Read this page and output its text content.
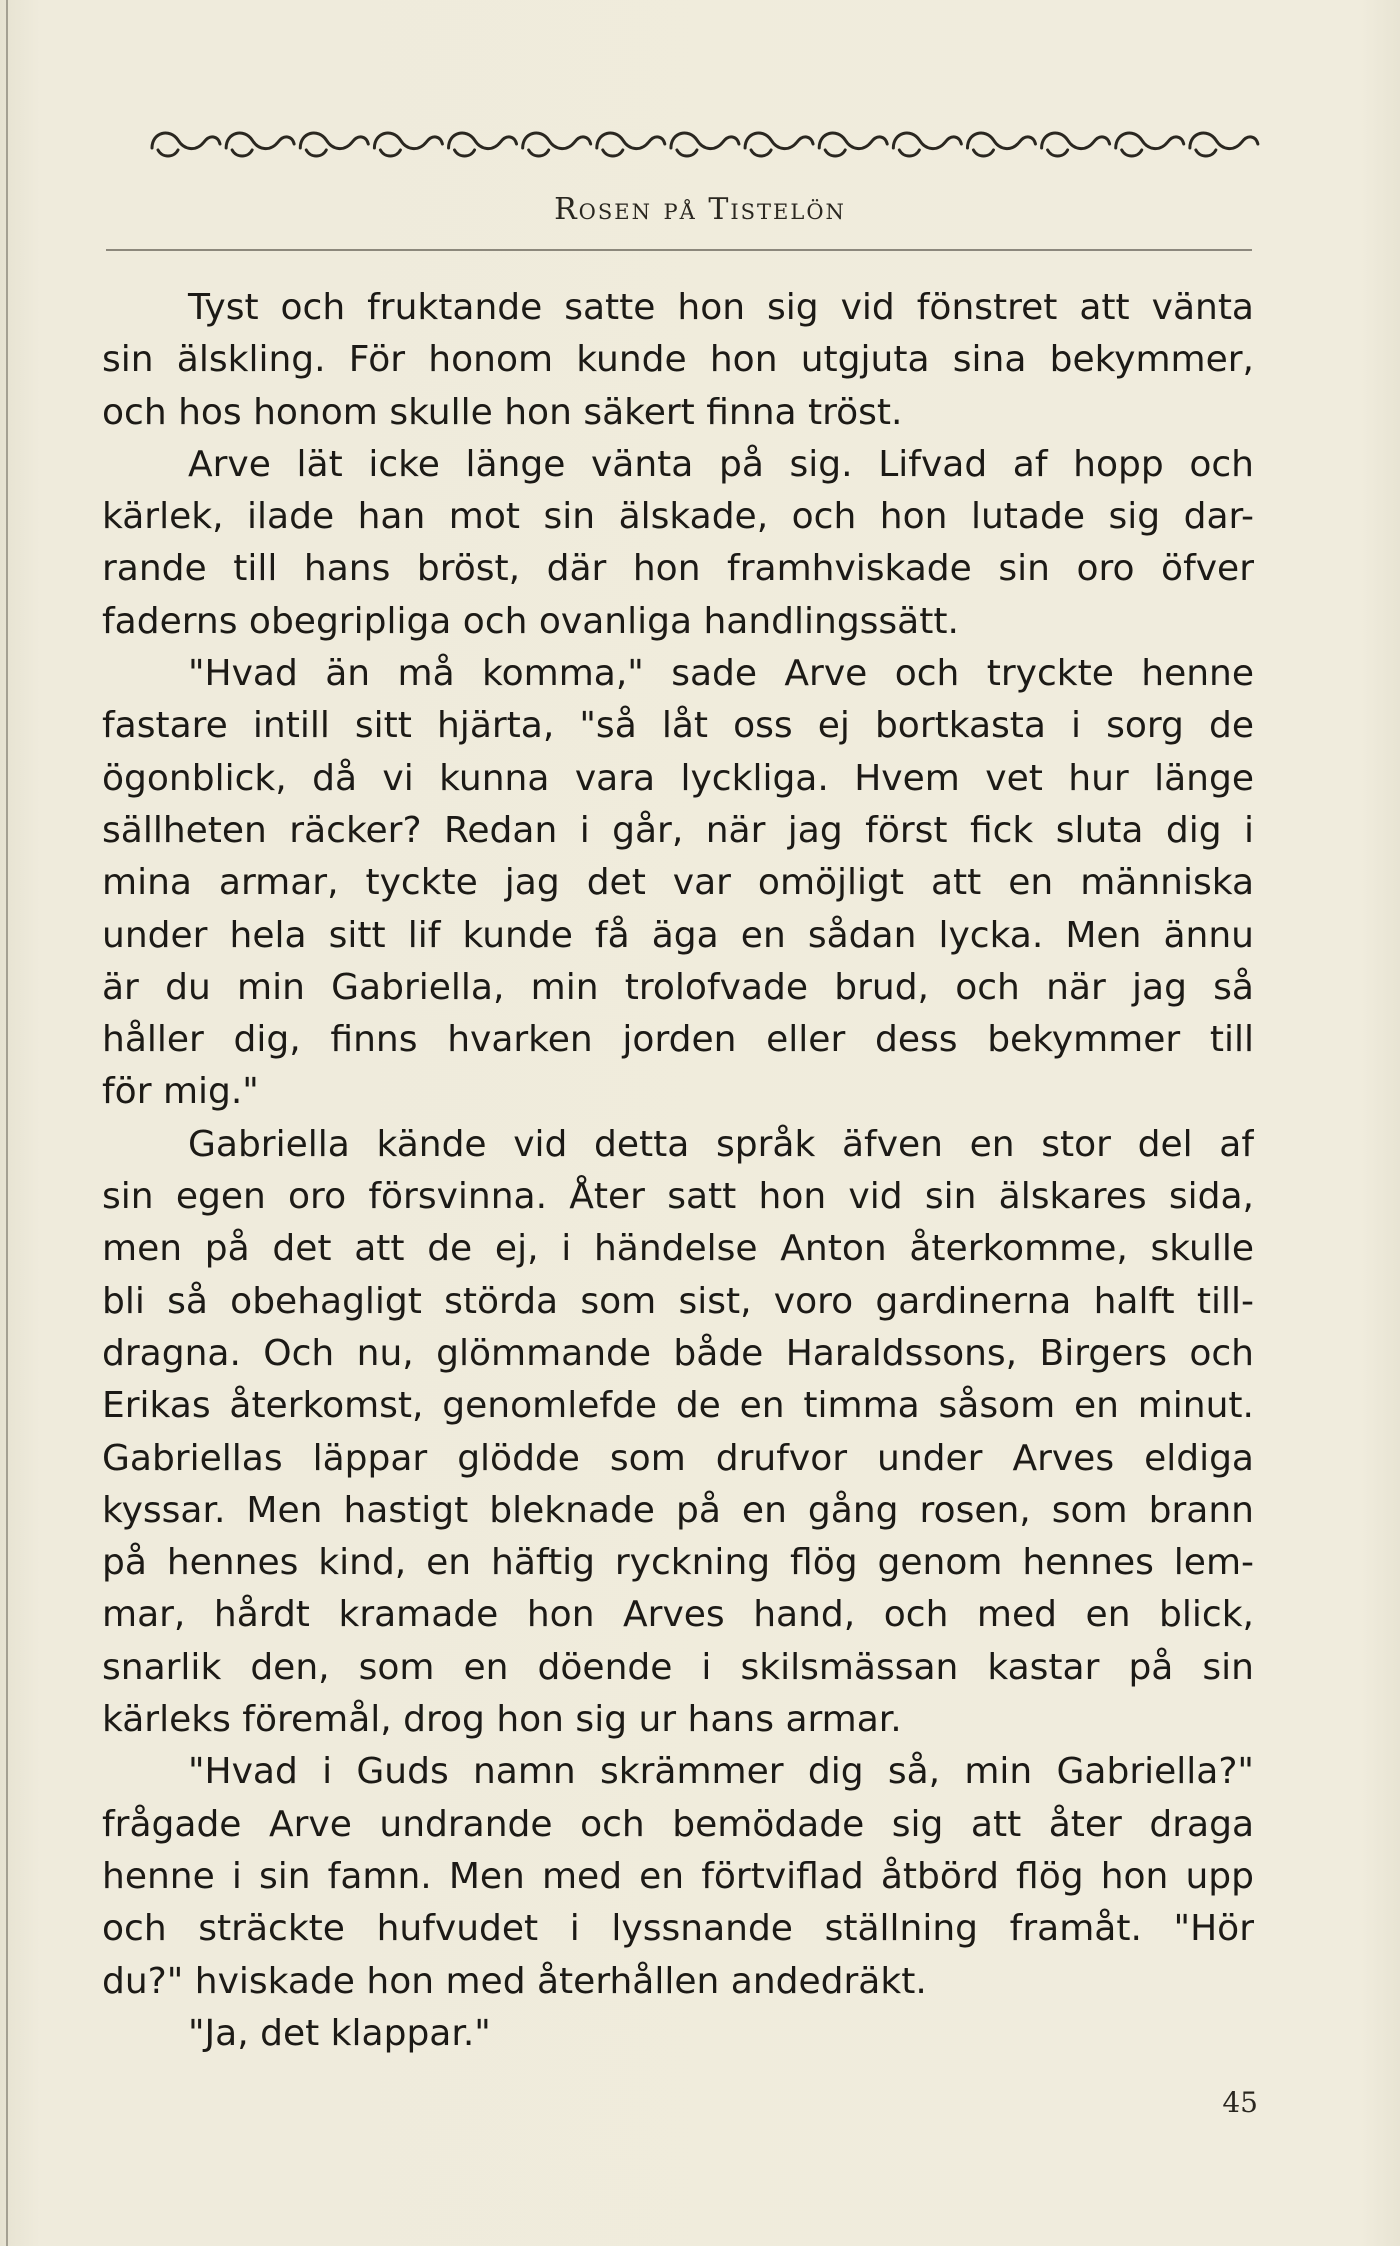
Rosen på Tistelön
Tyst och fruktande satte hon sig vid fönstret att vänta
sin älskling. För honom kunde hon utgjuta sina bekymmer,
och hos honom skulle hon säkert finna tröst.
Arve lät icke länge vänta på sig. Lifvad af hopp och
kärlek, ilade han mot sin älskade, och hon lutade sig dar-
rande till hans bröst, där hon framhviskade sin oro öfver
faderns obegripliga och ovanliga handlingssätt.
"Hvad än må komma," sade Arve och tryckte henne
fastare intill sitt hjärta, "så låt oss ej bortkasta i sorg de
ögonblick, då vi kunna vara lyckliga. Hvem vet hur länge
sällheten räcker? Redan i går, när jag först fick sluta dig i
mina armar, tyckte jag det var omöjligt att en människa
under hela sitt lif kunde få äga en sådan lycka. Men ännu
är du min Gabriella, min trolofvade brud, och när jag så
håller dig, finns hvarken jorden eller dess bekymmer till
för mig."
Gabriella kände vid detta språk äfven en stor del af
sin egen oro försvinna. Åter satt hon vid sin älskares sida,
men på det att de ej, i händelse Anton återkomme, skulle
bli så obehagligt störda som sist, voro gardinerna halft till-
dragna. Och nu, glömmande både Haraldssons, Birgers och
Erikas återkomst, genomlefde de en timma såsom en minut.
Gabriellas läppar glödde som drufvor under Arves eldiga
kyssar. Men hastigt bleknade på en gång rosen, som brann
på hennes kind, en häftig ryckning flög genom hennes lem-
mar, hårdt kramade hon Arves hand, och med en blick,
snarlik den, som en döende i skilsmässan kastar på sin
kärleks föremål, drog hon sig ur hans armar.
"Hvad i Guds namn skrämmer dig så, min Gabriella?"
frågade Arve undrande och bemödade sig att åter draga
henne i sin famn. Men med en förtviflad åtbörd flög hon upp
och sträckte hufvudet i lyssnande ställning framåt. "Hör
du?" hviskade hon med återhållen andedräkt.
"Ja, det klappar."
45
